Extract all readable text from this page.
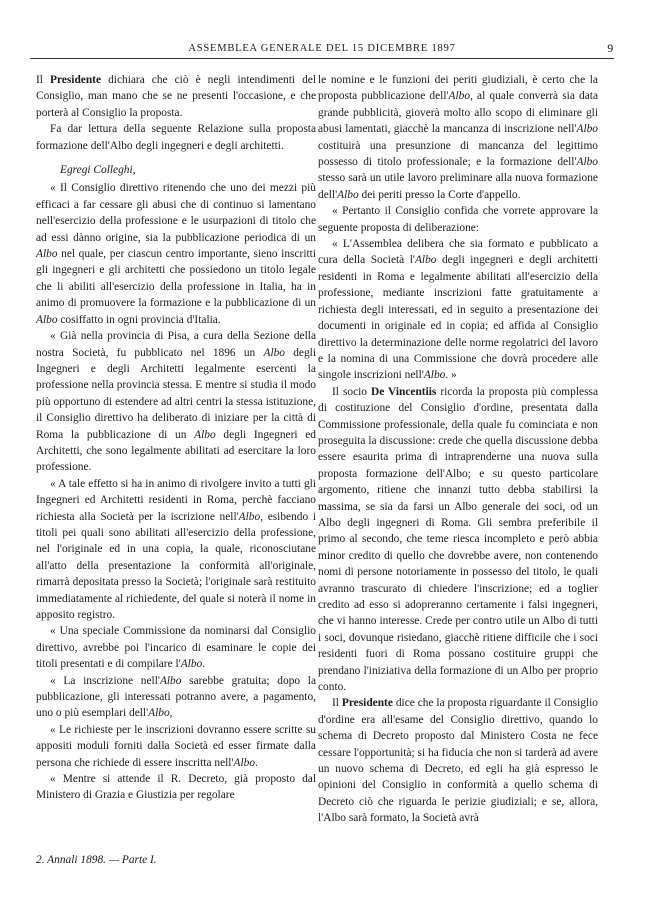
ASSEMBLEA GENERALE DEL 15 DICEMBRE 1897	9

Il Presidente dichiara che ciò è negli intendimenti del Consiglio, man mano che se ne presenti l'occasione, e che porterà al Consiglio la proposta.

Fa dar lettura della seguente Relazione sulla proposta formazione dell'Albo degli ingegneri e degli architetti.

Egregi Colleghi,

« Il Consiglio direttivo ritenendo che uno dei mezzi più efficaci a far cessare gli abusi che di continuo si lamentano nell'esercizio della professione e le usurpazioni di titolo che ad essi dànno origine, sia la pubblicazione periodica di un Albo nel quale, per ciascun centro importante, sieno inscritti gli ingegneri e gli architetti che possiedono un titolo legale che li abiliti all'esercizio della professione in Italia, ha in animo di promuovere la formazione e la pubblicazione di un Albo cosiffatto in ogni provincia d'Italia.

« Già nella provincia di Pisa, a cura della Sezione della nostra Società, fu pubblicato nel 1896 un Albo degli Ingegneri e degli Architetti legalmente esercenti la professione nella provincia stessa. E mentre si studia il modo più opportuno di estendere ad altri centri la stessa istituzione, il Consiglio direttivo ha deliberato di iniziare per la città di Roma la pubblicazione di un Albo degli Ingegneri ed Architetti, che sono legalmente abilitati ad esercitare la loro professione.

« A tale effetto si ha in animo di rivolgere invito a tutti gli Ingegneri ed Architetti residenti in Roma, perchè facciano richiesta alla Società per la iscrizione nell'Albo, esibendo i titoli pei quali sono abilitati all'esercizio della professione, nel l'originale ed in una copia, la quale, riconosciutane all'atto della presentazione la conformità all'originale, rimarrà depositata presso la Società; l'originale sarà restituito immediatamente al richiedente, del quale si noterà il nome in apposito registro.

« Una speciale Commissione da nominarsi dal Consiglio direttivo, avrebbe poi l'incarico di esaminare le copie dei titoli presentati e di compilare l'Albo.

« La inscrizione nell'Albo sarebbe gratuita; dopo la pubblicazione, gli interessati potranno avere, a pagamento, uno o più esemplari dell'Albo,

« Le richieste per le inscrizioni dovranno essere scritte su appositi moduli forniti dalla Società ed esser firmate dalla persona che richiede di essere inscritta nell'Albo.

« Mentre si attende il R. Decreto, già proposto dal Ministero di Grazia e Giustizia per regolare

le nomine e le funzioni dei periti giudiziali, è certo che la proposta pubblicazione dell'Albo, al quale converrà sia data grande pubblicità, gioverà molto allo scopo di eliminare gli abusi lamentati, giacchè la mancanza di inscrizione nell'Albo costituirà una presunzione di mancanza del legittimo possesso di titolo professionale; e la formazione dell'Albo stesso sarà un utile lavoro preliminare alla nuova formazione dell'Albo dei periti presso la Corte d'appello.

« Pertanto il Consiglio confida che vorrete approvare la seguente proposta di deliberazione:

« L'Assemblea delibera che sia formato e pubblicato a cura della Società l'Albo degli ingegneri e degli architetti residenti in Roma e legalmente abilitati all'esercizio della professione, mediante inscrizioni fatte gratuitamente a richiesta degli interessati, ed in seguito a presentazione dei documenti in originale ed in copia; ed affida al Consiglio direttivo la determinazione delle norme regolatrici del lavoro e la nomina di una Commissione che dovrà procedere alle singole inscrizioni nell'Albo. »

Il socio De Vincentiis ricorda la proposta più complessa di costituzione del Consiglio d'ordine, presentata dalla Commissione professionale, della quale fu cominciata e non proseguita la discussione: crede che quella discussione debba essere esaurita prima di intraprenderne una nuova sulla proposta formazione dell'Albo; e su questo particolare argomento, ritiene che innanzi tutto debba stabilirsi la massima, se sia da farsi un Albo generale dei soci, od un Albo degli ingegneri di Roma. Gli sembra preferibile il primo al secondo, che teme riesca incompleto e però abbia minor credito di quello che dovrebbe avere, non contenendo nomi di persone notoriamente in possesso del titolo, le quali avranno trascurato di chiedere l'inscrizione; ed a toglier credito ad esso si adopreranno certamente i falsi ingegneri, che vi hanno interesse. Crede per contro utile un Albo di tutti i soci, dovunque risiedano, giacchè ritiene difficile che i soci residenti fuori di Roma possano costituire gruppi che prendano l'iniziativa della formazione di un Albo per proprio conto.

Il Presidente dice che la proposta riguardante il Consiglio d'ordine era all'esame del Consiglio direttivo, quando lo schema di Decreto proposto dal Ministero Costa ne fece cessare l'opportunità; si ha fiducia che non si tarderà ad avere un nuovo schema di Decreto, ed egli ha già espresso le opinioni del Consiglio in conformità a quello schema di Decreto ciò che riguarda le perizie giudiziali; e se, allora, l'Albo sarà formato, la Società avrà

2. Annali 1898. — Parte I.
